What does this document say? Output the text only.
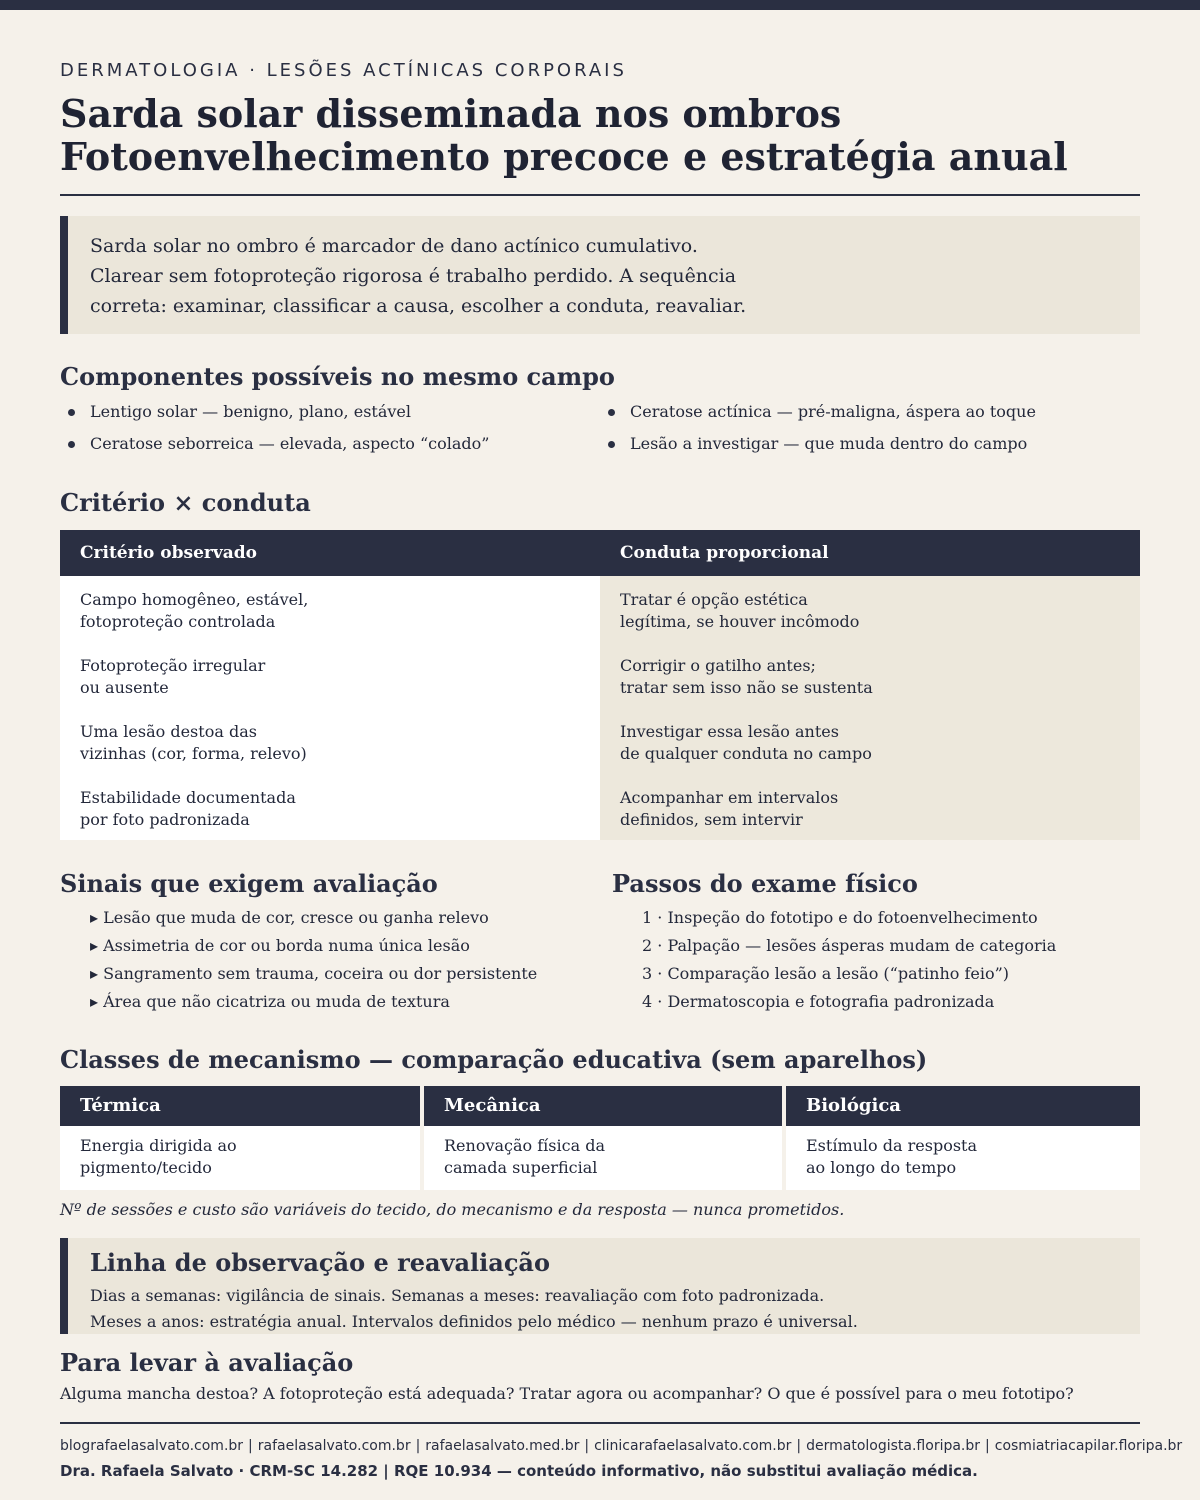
DERMATOLOGIA · LESÕES ACTÍNICAS CORPORAIS
Sarda solar disseminada nos ombros
Fotoenvelhecimento precoce e estratégia anual
Sarda solar no ombro é marcador de dano actínico cumulativo.
Clarear sem fotoproteção rigorosa é trabalho perdido. A sequência
correta: examinar, classificar a causa, escolher a conduta, reavaliar.
Componentes possíveis no mesmo campo
Lentigo solar — benigno, plano, estável
Ceratose seborreica — elevada, aspecto “colado”
Ceratose actínica — pré-maligna, áspera ao toque
Lesão a investigar — que muda dentro do campo
Critério × conduta
Critério observado	Conduta proporcional
Campo homogêneo, estável,
fotoproteção controlada
Fotoproteção irregular
ou ausente
Uma lesão destoa das
vizinhas (cor, forma, relevo)
Estabilidade documentada
por foto padronizada
Tratar é opção estética
legítima, se houver incômodo
Corrigir o gatilho antes;
tratar sem isso não se sustenta
Investigar essa lesão antes
de qualquer conduta no campo
Acompanhar em intervalos
definidos, sem intervir
Sinais que exigem avaliação
▸ Lesão que muda de cor, cresce ou ganha relevo
▸ Assimetria de cor ou borda numa única lesão
▸ Sangramento sem trauma, coceira ou dor persistente
▸ Área que não cicatriza ou muda de textura
Passos do exame físico
1 · Inspeção do fototipo e do fotoenvelhecimento
2 · Palpação — lesões ásperas mudam de categoria
3 · Comparação lesão a lesão (“patinho feio”)
4 · Dermatoscopia e fotografia padronizada
Classes de mecanismo — comparação educativa (sem aparelhos)
Térmica
Energia dirigida ao
pigmento/tecido
Mecânica
Renovação física da
camada superficial
Biológica
Estímulo da resposta
ao longo do tempo
Nº de sessões e custo são variáveis do tecido, do mecanismo e da resposta — nunca prometidos.
Linha de observação e reavaliação
Dias a semanas: vigilância de sinais. Semanas a meses: reavaliação com foto padronizada.
Meses a anos: estratégia anual. Intervalos definidos pelo médico — nenhum prazo é universal.
Para levar à avaliação
Alguma mancha destoa? A fotoproteção está adequada? Tratar agora ou acompanhar? O que é possível para o meu fototipo?
blografaelasalvato.com.br | rafaelasalvato.com.br | rafaelasalvato.med.br | clinicarafaelasalvato.com.br | dermatologista.floripa.br | cosmiatriacapilar.floripa.br
Dra. Rafaela Salvato · CRM-SC 14.282 | RQE 10.934 — conteúdo informativo, não substitui avaliação médica.
